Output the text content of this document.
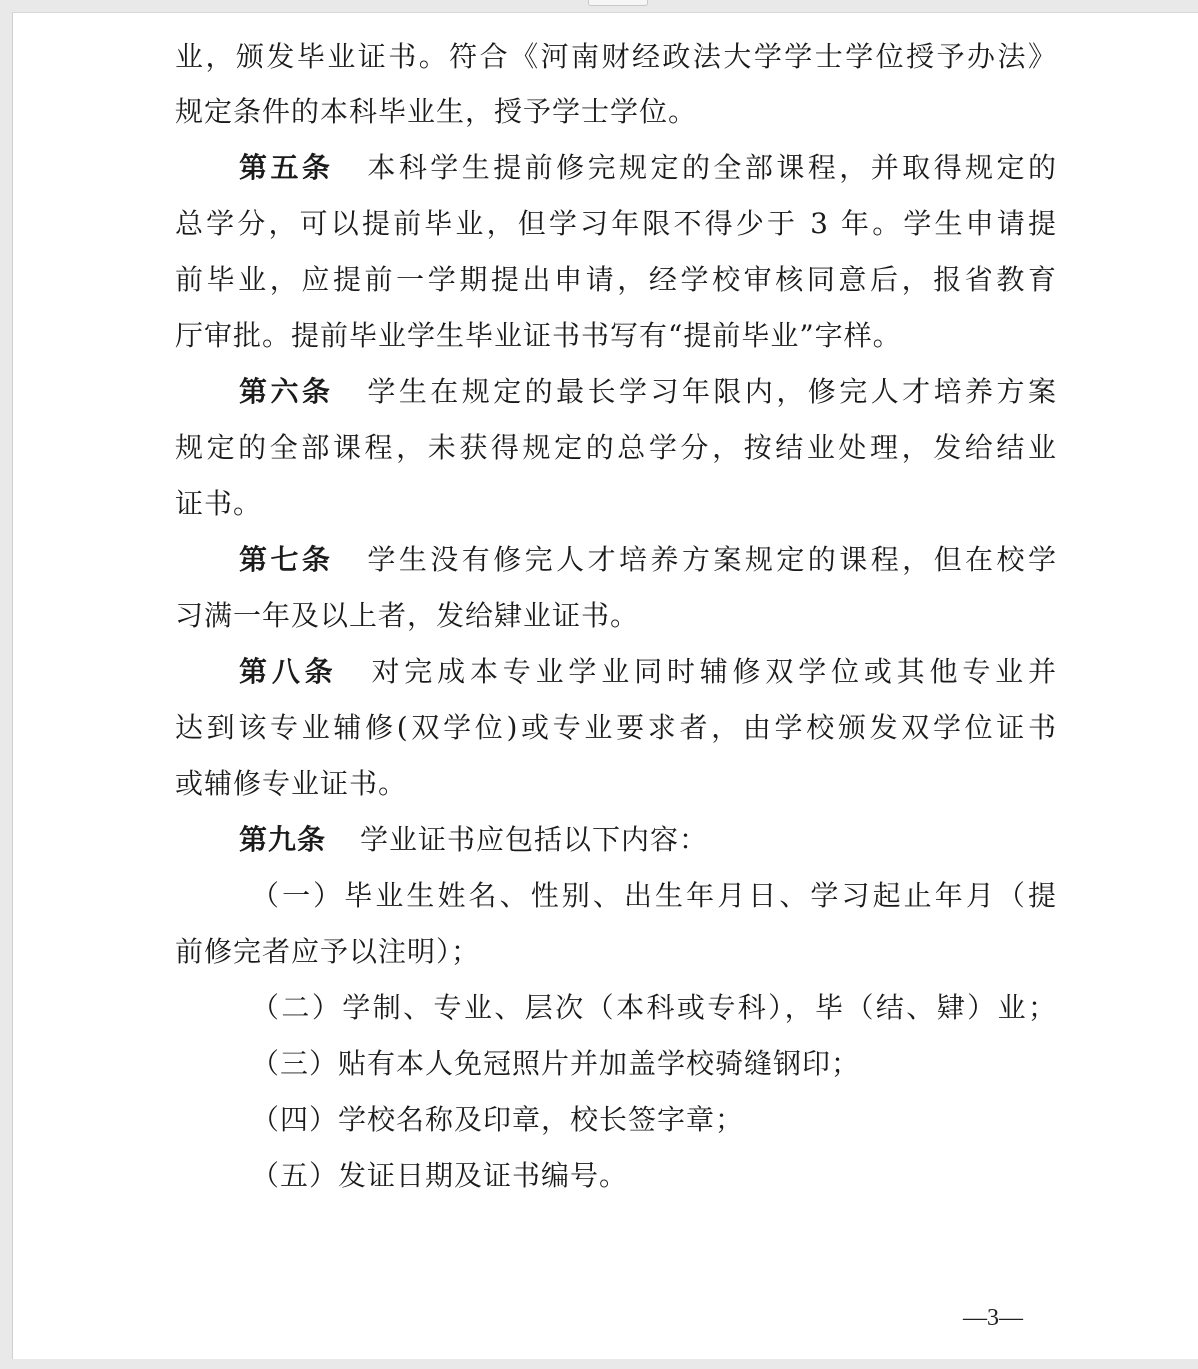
业，颁发毕业证书。符合《河南财经政法大学学士学位授予办法》
规定条件的本科毕业生，授予学士学位。
第五条 本科学生提前修完规定的全部课程，并取得规定的
总学分，可以提前毕业，但学习年限不得少于 3 年。学生申请提
前毕业，应提前一学期提出申请，经学校审核同意后，报省教育
厅审批。提前毕业学生毕业证书书写有“提前毕业”字样。
第六条 学生在规定的最长学习年限内，修完人才培养方案
规定的全部课程，未获得规定的总学分，按结业处理，发给结业
证书。
第七条 学生没有修完人才培养方案规定的课程，但在校学
习满一年及以上者，发给肄业证书。
第八条 对完成本专业学业同时辅修双学位或其他专业并
达到该专业辅修(双学位)或专业要求者，由学校颁发双学位证书
或辅修专业证书。
第九条 学业证书应包括以下内容：
（一）毕业生姓名、性别、出生年月日、学习起止年月（提
前修完者应予以注明）；
（二）学制、专业、层次（本科或专科），毕（结、肄）业；
（三）贴有本人免冠照片并加盖学校骑缝钢印；
（四）学校名称及印章，校长签字章；
（五）发证日期及证书编号。
—3—
